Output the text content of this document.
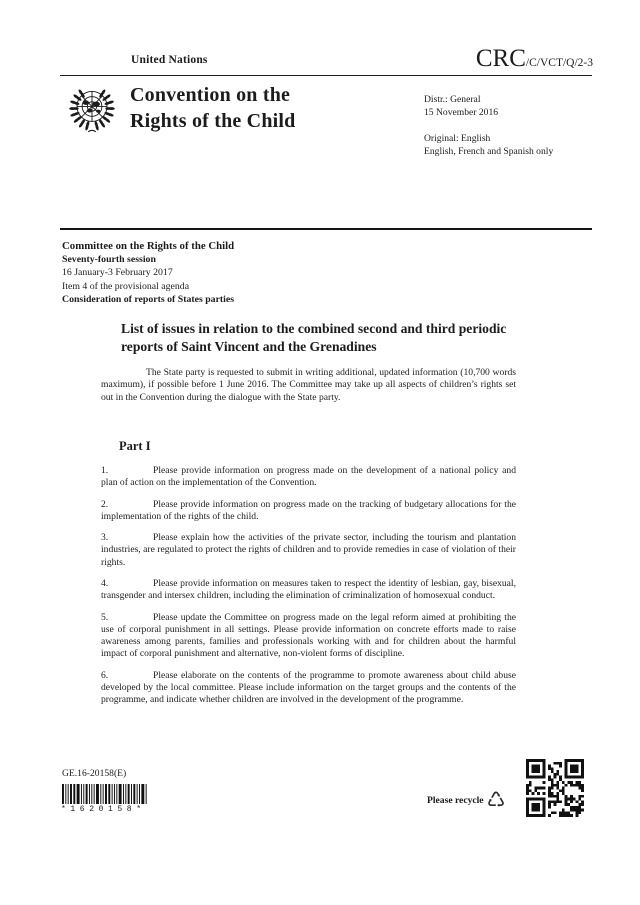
United Nations	CRC/C/VCT/Q/2-3
Convention on the
Rights of the Child
Distr.: General
15 November 2016
Original: English
English, French and Spanish only
Committee on the Rights of the Child
Seventy-fourth session
16 January-3 February 2017
Item 4 of the provisional agenda
Consideration of reports of States parties
List of issues in relation to the combined second and third periodic reports of Saint Vincent and the Grenadines
The State party is requested to submit in writing additional, updated information (10,700 words maximum), if possible before 1 June 2016. The Committee may take up all aspects of children’s rights set out in the Convention during the dialogue with the State party.
Part I

1.	Please provide information on progress made on the development of a national policy and plan of action on the implementation of the Convention.

2.	Please provide information on progress made on the tracking of budgetary allocations for the implementation of the rights of the child.

3.	Please explain how the activities of the private sector, including the tourism and plantation industries, are regulated to protect the rights of children and to provide remedies in case of violation of their rights.

4.	Please provide information on measures taken to respect the identity of lesbian, gay, bisexual, transgender and intersex children, including the elimination of criminalization of homosexual conduct.

5.	Please update the Committee on progress made on the legal reform aimed at prohibiting the use of corporal punishment in all settings. Please provide information on concrete efforts made to raise awareness among parents, families and professionals working with and for children about the harmful impact of corporal punishment and alternative, non-violent forms of discipline.

6.	Please elaborate on the contents of the programme to promote awareness about child abuse developed by the local committee. Please include information on the target groups and the contents of the programme, and indicate whether children are involved in the development of the programme.

GE.16-20158(E)
*1620158*
Please recycle ♺
